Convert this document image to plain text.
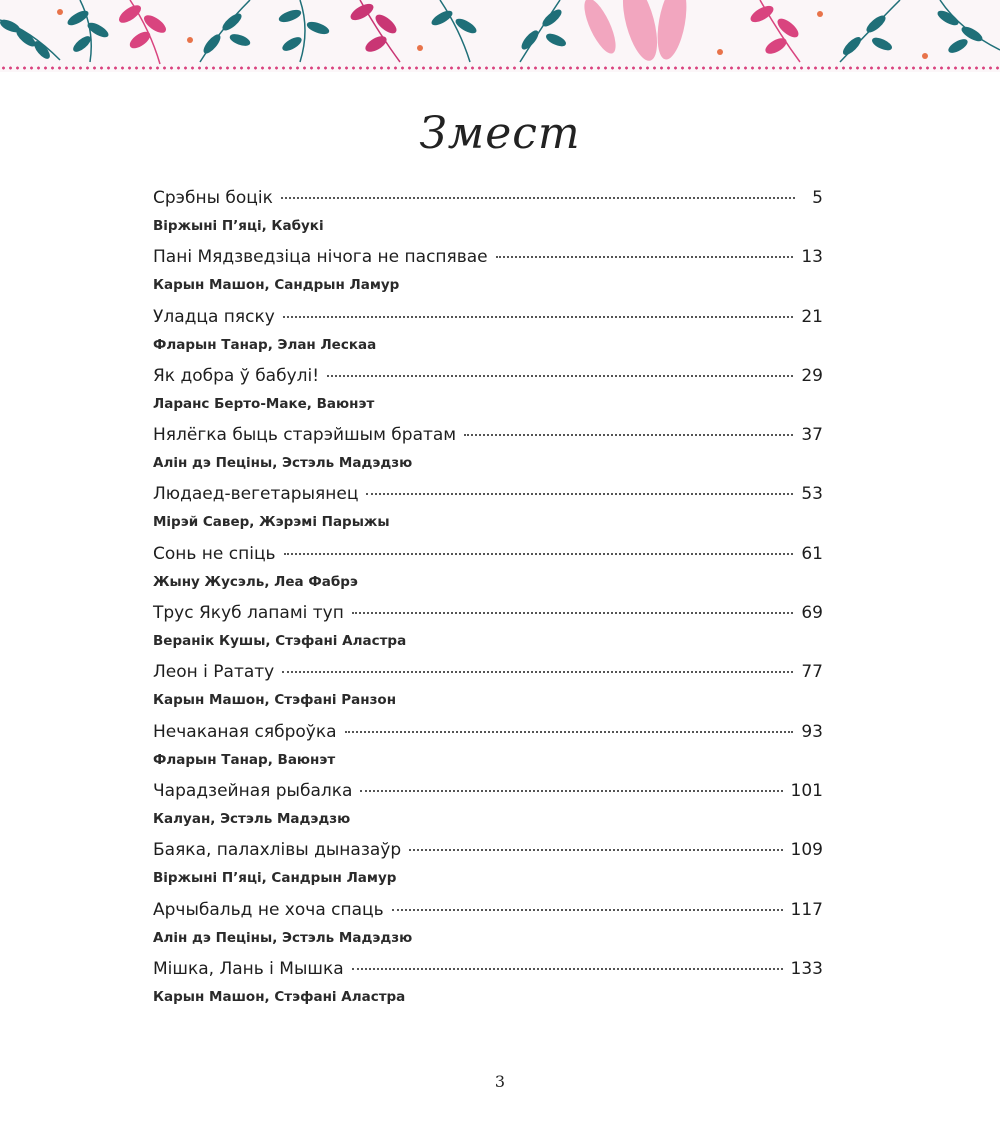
Змест
Срэбны боцік	5
Віржыні П’яці, Кабукі
Пані Мядзведзіца нічога не паспявае	13
Карын Машон, Сандрын Ламур
Уладца пяску	21
Фларын Танар, Элан Лескаа
Як добра ў бабулі!	29
Ларанс Берто-Маке, Ваюнэт
Нялёгка быць старэйшым братам	37
Алін дэ Пеціны, Эстэль Мадэдзю
Людаед-вегетарыянец	53
Мірэй Савер, Жэрэмі Парыжы
Сонь не спіць	61
Жыну Жусэль, Леа Фабрэ
Трус Якуб лапамі туп	69
Веранік Кушы, Стэфані Аластра
Леон і Ратату	77
Карын Машон, Стэфані Ранзон
Нечаканая сяброўка	93
Фларын Танар, Ваюнэт
Чарадзейная рыбалка	101
Калуан, Эстэль Мадэдзю
Баяка, палахлівы дыназаўр	109
Віржыні П’яці, Сандрын Ламур
Арчыбальд не хоча спаць	117
Алін дэ Пеціны, Эстэль Мадэдзю
Мішка, Лань і Мышка	133
Карын Машон, Стэфані Аластра
3
